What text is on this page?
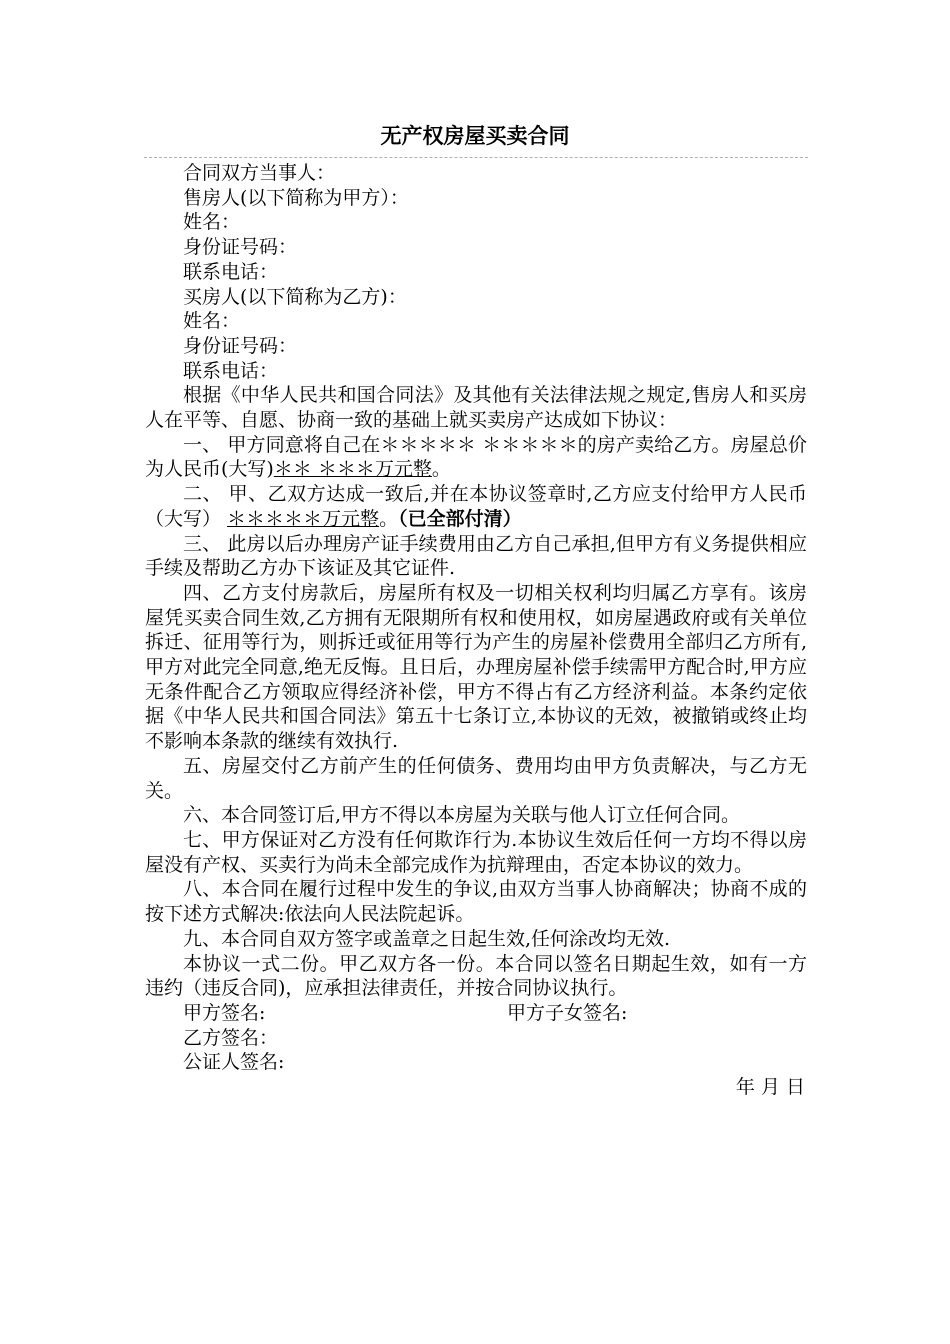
无产权房屋买卖合同

合同双方当事人：

售房人(以下简称为甲方）：

姓名：

身份证号码：

联系电话：

买房人(以下简称为乙方)：

姓名：

身份证号码：

联系电话：

根据《中华人民共和国合同法》及其他有关法律法规之规定,售房人和买房人在平等、自愿、协商一致的基础上就买卖房产达成如下协议：

一、 甲方同意将自己在＊＊＊＊＊ ＊＊＊＊＊的房产卖给乙方。房屋总价为人民币(大写)＊＊ ＊＊＊万元整。

二、 甲、乙双方达成一致后,并在本协议签章时,乙方应支付给甲方人民币（大写） ＊＊＊＊＊万元整。（已全部付清）

三、 此房以后办理房产证手续费用由乙方自己承担,但甲方有义务提供相应手续及帮助乙方办下该证及其它证件.

四、乙方支付房款后，房屋所有权及一切相关权利均归属乙方享有。该房屋凭买卖合同生效,乙方拥有无限期所有权和使用权，如房屋遇政府或有关单位拆迁、征用等行为，则拆迁或征用等行为产生的房屋补偿费用全部归乙方所有,甲方对此完全同意,绝无反悔。且日后，办理房屋补偿手续需甲方配合时,甲方应无条件配合乙方领取应得经济补偿，甲方不得占有乙方经济利益。本条约定依据《中华人民共和国合同法》第五十七条订立,本协议的无效，被撤销或终止均不影响本条款的继续有效执行.

五、房屋交付乙方前产生的任何债务、费用均由甲方负责解决，与乙方无关。

六、本合同签订后,甲方不得以本房屋为关联与他人订立任何合同。

七、甲方保证对乙方没有任何欺诈行为.本协议生效后任何一方均不得以房屋没有产权、买卖行为尚未全部完成作为抗辩理由，否定本协议的效力。

八、本合同在履行过程中发生的争议,由双方当事人协商解决；协商不成的按下述方式解决:依法向人民法院起诉。

九、本合同自双方签字或盖章之日起生效,任何涂改均无效.

本协议一式二份。甲乙双方各一份。本合同以签名日期起生效，如有一方违约（违反合同)，应承担法律责任，并按合同协议执行。

甲方签名:	甲方子女签名:

乙方签名：

公证人签名:

年 月 日
